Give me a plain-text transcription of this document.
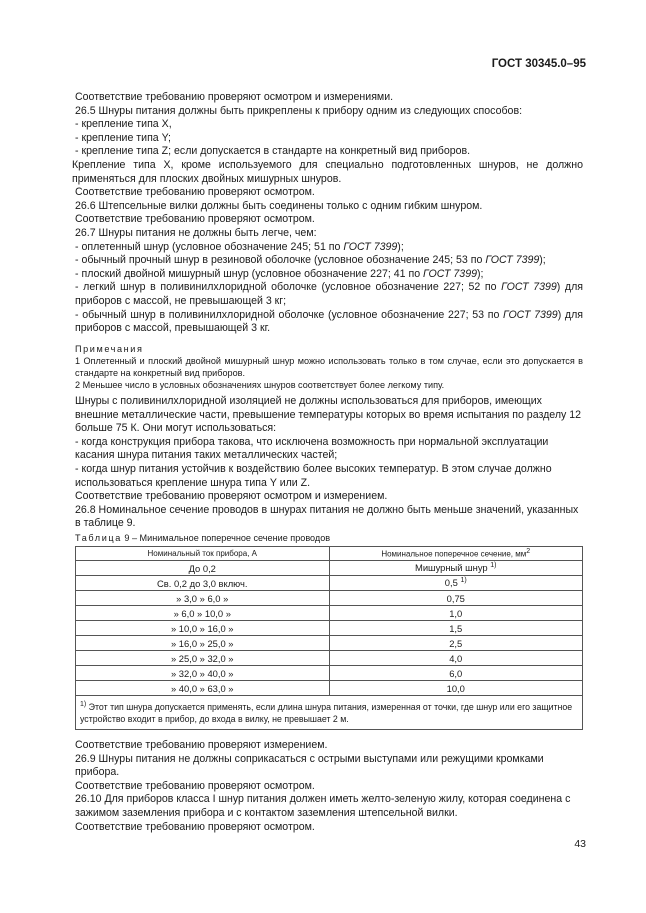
ГОСТ 30345.0–95

Соответствие требованию проверяют осмотром и измерениями.

26.5 Шнуры питания должны быть прикреплены к прибору одним из следующих способов:

- крепление типа X,

- крепление типа Y;

- крепление типа Z; если допускается в стандарте на конкретный вид приборов.

Крепление типа X, кроме используемого для специально подготовленных шнуров, не должно применяться для плоских двойных мишурных шнуров.

Соответствие требованию проверяют осмотром.

26.6 Штепсельные вилки должны быть соединены только с одним гибким шнуром.

Соответствие требованию проверяют осмотром.

26.7 Шнуры питания не должны быть легче, чем:

- оплетенный шнур (условное обозначение 245; 51 по ГОСТ 7399);

- обычный прочный шнур в резиновой оболочке (условное обозначение 245; 53 по ГОСТ 7399);

- плоский двойной мишурный шнур (условное обозначение 227; 41 по ГОСТ 7399);

- легкий шнур в поливинилхлоридной оболочке (условное обозначение 227; 52 по ГОСТ 7399) для приборов с массой, не превышающей 3 кг;

- обычный шнур в поливинилхлоридной оболочке (условное обозначение 227; 53 по ГОСТ 7399) для приборов с массой, превышающей 3 кг.

Примечания

1 Оплетенный и плоский двойной мишурный шнур можно использовать только в том случае, если это допускается в стандарте на конкретный вид приборов.

2 Меньшее число в условных обозначениях шнуров соответствует более легкому типу.

Шнуры с поливинилхлоридной изоляцией не должны использоваться для приборов, имеющих внешние металлические части, превышение температуры которых во время испытания по разделу 12 больше 75 К. Они могут использоваться:

- когда конструкция прибора такова, что исключена возможность при нормальной эксплуатации касания шнура питания таких металлических частей;

- когда шнур питания устойчив к воздействию более высоких температур. В этом случае должно использоваться крепление шнура типа Y или Z.

Соответствие требованию проверяют осмотром и измерением.

26.8 Номинальное сечение проводов в шнурах питания не должно быть меньше значений, указанных в таблице 9.

Таблица 9 – Минимальное поперечное сечение проводов
Номинальный ток прибора, А	Номинальное поперечное сечение, $мм^2$
До 0,2	Мишурный шнур $^{1)}$
Св. 0,2 до 3,0 включ.	0,5 $^{1)}$
» 3,0 » 6,0 »	0,75
» 6,0 » 10,0 »	1,0
» 10,0 » 16,0 »	1,5
» 16,0 » 25,0 »	2,5
» 25,0 » 32,0 »	4,0
» 32,0 » 40,0 »	6,0
» 40,0 » 63,0 »	10,0
$^{1)}$ Этот тип шнура допускается применять, если длина шнура питания, измеренная от точки, где шнур или его защитное устройство входит в прибор, до входа в вилку, не превышает 2 м.	

Соответствие требованию проверяют измерением.

26.9 Шнуры питания не должны соприкасаться с острыми выступами или режущими кромками прибора.

Соответствие требованию проверяют осмотром.

26.10 Для приборов класса I шнур питания должен иметь желто-зеленую жилу, которая соединена с зажимом заземления прибора и с контактом заземления штепсельной вилки.

Соответствие требованию проверяют осмотром.

43
